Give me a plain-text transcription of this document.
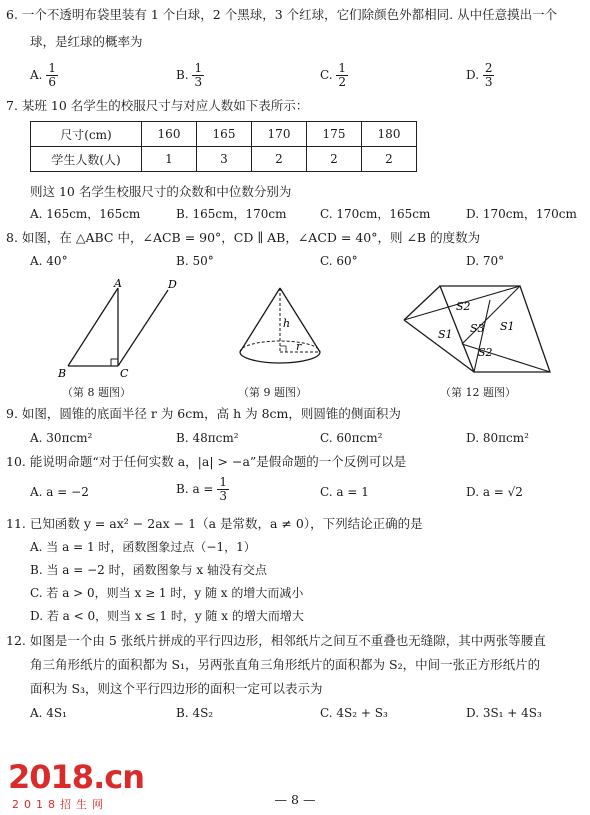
6. 一个不透明布袋里装有 1 个白球，2 个黑球，3 个红球，它们除颜色外都相同. 从中任意摸出一个
球，是红球的概率为
A. $\frac{1}{6}$	B. $\frac{1}{3}$	C. $\frac{1}{2}$	D. $\frac{2}{3}$
7. 某班 10 名学生的校服尺寸与对应人数如下表所示：
尺寸(cm)	160	165	170	175	180
学生人数(人)	1	3	2	2	2
则这 10 名学生校服尺寸的众数和中位数分别为
A. 165cm，165cm	B. 165cm，170cm	C. 170cm，165cm	D. 170cm，170cm
8. 如图，在 △ABC 中，∠ACB = 90°，CD ∥ AB，∠ACD = 40°，则 ∠B 的度数为
A. 40°	B. 50°	C. 60°	D. 70°
A
B	C
D
（第 8 题图）
h
r
（第 9 题图）
S2
S1 S3 S1
S2
（第 12 题图）
9. 如图，圆锥的底面半径 r 为 6cm，高 h 为 8cm，则圆锥的侧面积为
A. 30πcm²	B. 48πcm²	C. 60πcm²	D. 80πcm²
10. 能说明命题“对于任何实数 a，|a| > −a”是假命题的一个反例可以是
A. a = −2	B. $a = \frac{1}{3}$	C. a = 1	D. a = √2
11. 已知函数 y = ax² − 2ax − 1（a 是常数，a ≠ 0），下列结论正确的是
A. 当 a = 1 时，函数图象过点（−1，1）
B. 当 a = −2 时，函数图象与 x 轴没有交点
C. 若 a > 0，则当 x ≥ 1 时，y 随 x 的增大而减小
D. 若 a < 0，则当 x ≤ 1 时，y 随 x 的增大而增大
12. 如图是一个由 5 张纸片拼成的平行四边形，相邻纸片之间互不重叠也无缝隙，其中两张等腰直
角三角形纸片的面积都为 S₁，另两张直角三角形纸片的面积都为 S₂，中间一张正方形纸片的
面积为 S₃，则这个平行四边形的面积一定可以表示为
A. 4S₁	B. 4S₂	C. 4S₂ + S₃	D. 3S₁ + 4S₃
2018.cn
2018招生网	— 8 —
